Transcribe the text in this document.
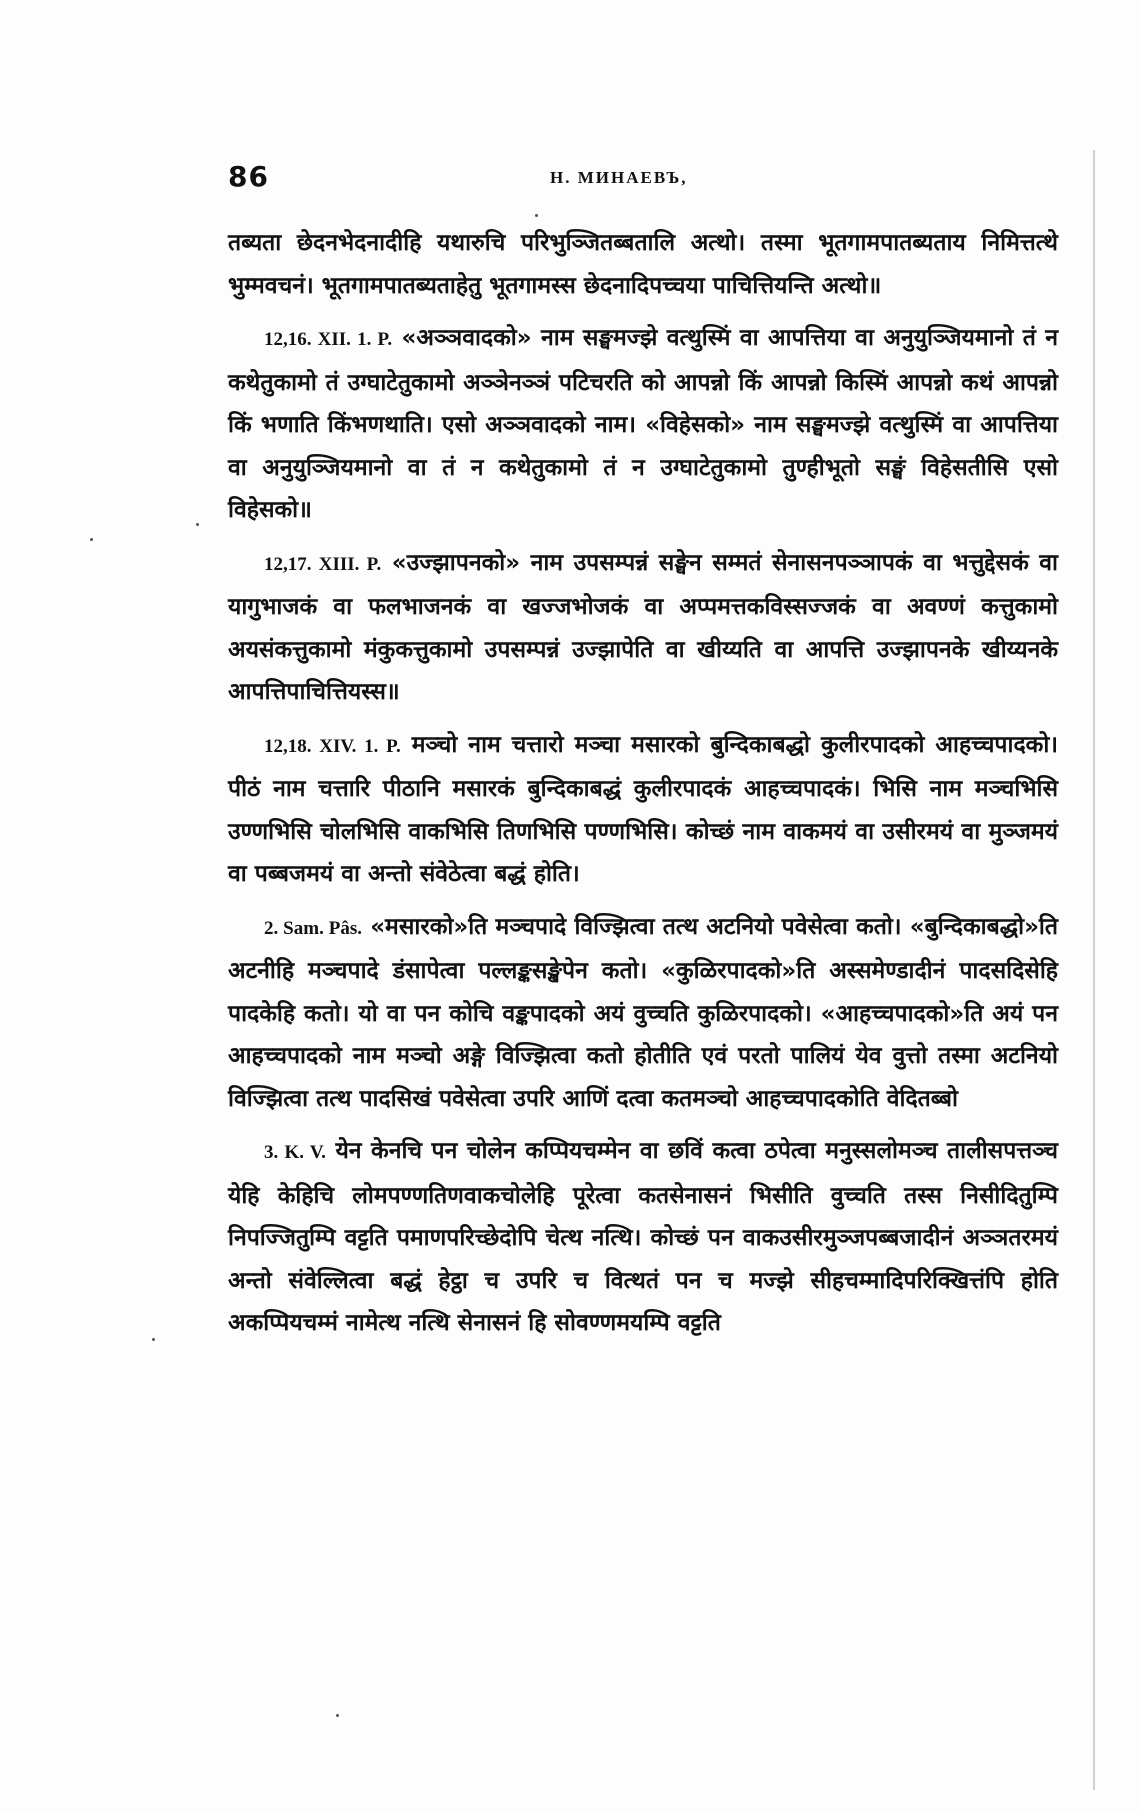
86	Н. МИНАЕВЪ,

तब्यता छेदनभेदनादीहि यथारुचि परिभुञ्जितब्बतालि अत्थो। तस्मा भूतगामपातब्यताय निमित्तत्थे भुम्मवचनं। भूतगामपातब्यताहेतु भूतगामस्स छेदनादिपच्चया पाचित्तियन्ति अत्थो॥

12,16. XII. 1. P. «अञ्ञवादको» नाम सङ्घमज्झे वत्थुस्मिं वा आपत्तिया वा अनुयुञ्जियमानो तं न कथेतुकामो तं उग्घाटेतुकामो अञ्ञेनञ्ञं पटिचरति को आपन्नो किं आपन्नो किस्मिं आपन्नो कथं आपन्नो किं भणाति किंभणथाति। एसो अञ्ञवादको नाम। «विहेसको» नाम सङ्घमज्झे वत्थुस्मिं वा आपत्तिया वा अनुयुञ्जियमानो वा तं न कथेतुकामो तं न उग्घाटेतुकामो तुण्हीभूतो सङ्घं विहेसतीसि एसो विहेसको॥

12,17. XIII. P. «उज्झापनको» नाम उपसम्पन्नं सङ्घेन सम्मतं सेनासनपञ्ञापकं वा भत्तुद्देसकं वा यागुभाजकं वा फलभाजनकं वा खज्जभोजकं वा अप्पमत्तकविस्सज्जकं वा अवण्णं कत्तुकामो अयसंकत्तुकामो मंकुकत्तुकामो उपसम्पन्नं उज्झापेति वा खीय्यति वा आपत्ति उज्झापनके खीय्यनके आपत्तिपाचित्तियस्स॥

12,18. XIV. 1. P. मञ्चो नाम चत्तारो मञ्चा मसारको बुन्दिकाबद्धो कुलीरपादको आहच्चपादको। पीठं नाम चत्तारि पीठानि मसारकं बुन्दिकाबद्धं कुलीरपादकं आहच्चपादकं। भिसि नाम मञ्चभिसि उण्णभिसि चोलभिसि वाकभिसि तिणभिसि पण्णभिसि। कोच्छं नाम वाकमयं वा उसीरमयं वा मुञ्जमयं वा पब्बजमयं वा अन्तो संवेठेत्वा बद्धं होति।

2. Sam. Pâs. «मसारको»ति मञ्चपादे विज्झित्वा तत्थ अटनियो पवेसेत्वा कतो। «बुन्दिकाबद्धो»ति अटनीहि मञ्चपादे डंसापेत्वा पल्लङ्कसङ्खेपेन कतो। «कुळिरपादको»ति अस्समेण्डादीनं पादसदिसेहि पादकेहि कतो। यो वा पन कोचि वङ्कपादको अयं वुच्चति कुळिरपादको। «आहच्चपादको»ति अयं पन आहच्चपादको नाम मञ्चो अङ्गे विज्झित्वा कतो होतीति एवं परतो पालियं येव वुत्तो तस्मा अटनियो विज्झित्वा तत्थ पादसिखं पवेसेत्वा उपरि आणिं दत्वा कतमञ्चो आहच्चपादकोति वेदितब्बो

3. K. V. येन केनचि पन चोलेन कप्पियचम्मेन वा छविं कत्वा ठपेत्वा मनुस्सलोमञ्च तालीसपत्तञ्च येहि केहिचि लोमपण्णतिणवाकचोलेहि पूरेत्वा कतसेनासनं भिसीति वुच्चति तस्स निसीदितुम्पि निपज्जितुम्पि वट्टति पमाणपरिच्छेदोपि चेत्थ नत्थि। कोच्छं पन वाकउसीरमुञ्जपब्बजादीनं अञ्ञतरमयं अन्तो संवेल्लित्वा बद्धं हेट्ठा च उपरि च वित्थतं पन च मज्झे सीहचम्मादिपरिक्खित्तंपि होति अकप्पियचम्मं नामेत्थ नत्थि सेनासनं हि सोवण्णमयम्पि वट्टति
